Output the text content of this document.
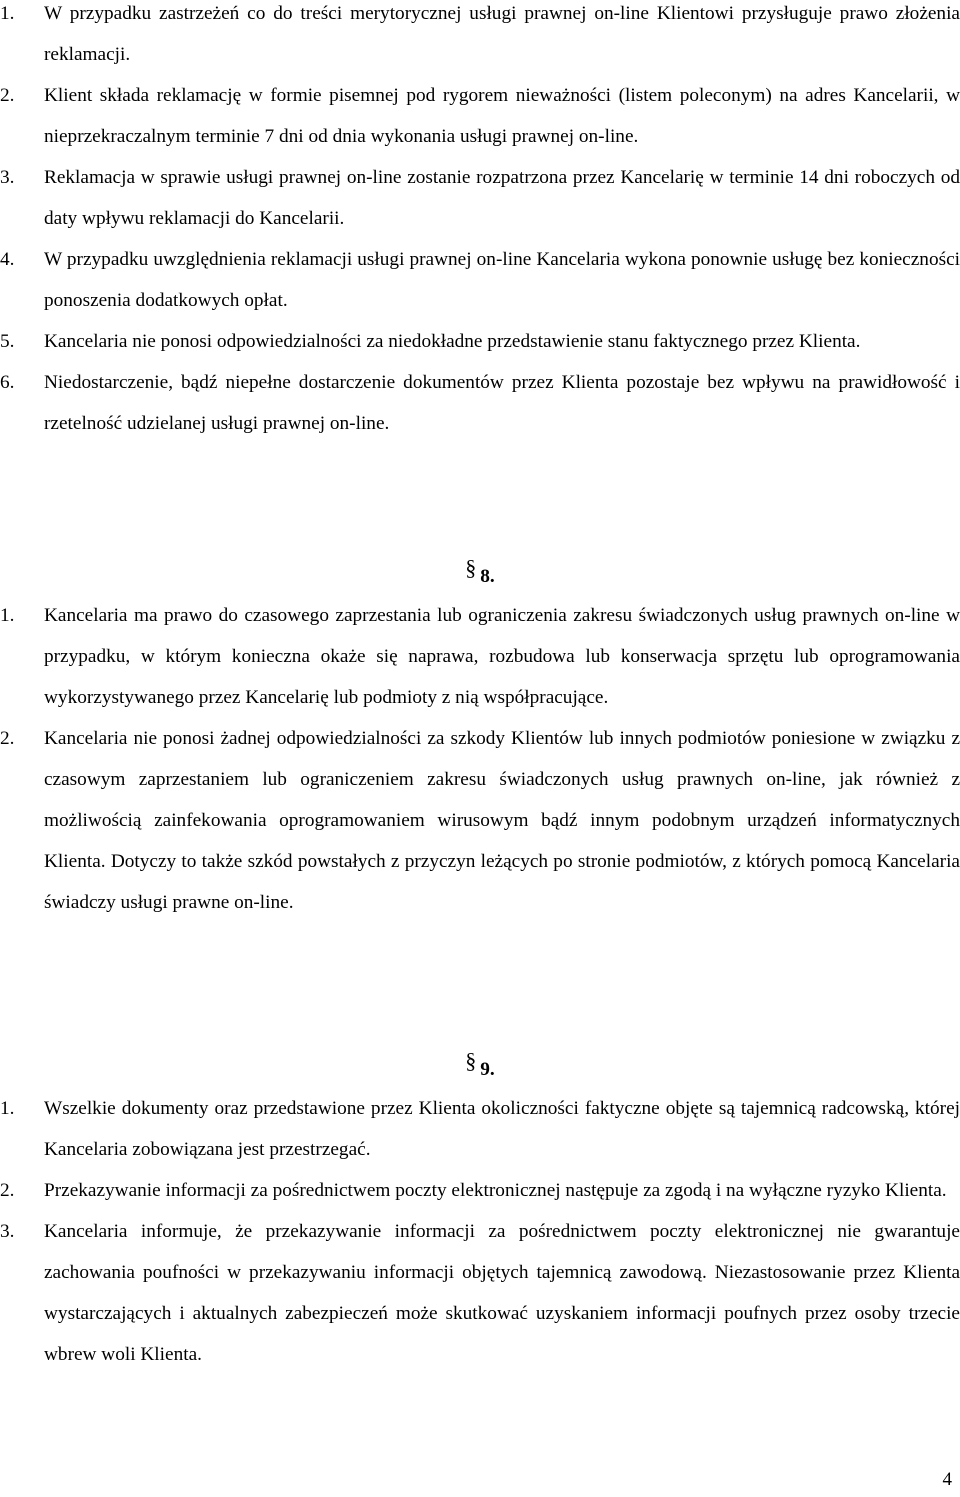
1. W przypadku zastrzeżeń co do treści merytorycznej usługi prawnej on-line Klientowi przysługuje prawo złożenia reklamacji.
2. Klient składa reklamację w formie pisemnej pod rygorem nieważności (listem poleconym) na adres Kancelarii, w nieprzekraczalnym terminie 7 dni od dnia wykonania usługi prawnej on-line.
3. Reklamacja w sprawie usługi prawnej on-line zostanie rozpatrzona przez Kancelarię w terminie 14 dni roboczych od daty wpływu reklamacji do Kancelarii.
4. W przypadku uwzględnienia reklamacji usługi prawnej on-line Kancelaria wykona ponownie usługę bez konieczności ponoszenia dodatkowych opłat.
5. Kancelaria nie ponosi odpowiedzialności za niedokładne przedstawienie stanu faktycznego przez Klienta.
6. Niedostarczenie, bądź niepełne dostarczenie dokumentów przez Klienta pozostaje bez wpływu na prawidłowość i rzetelność udzielanej usługi prawnej on-line.
§ 8.
1. Kancelaria ma prawo do czasowego zaprzestania lub ograniczenia zakresu świadczonych usług prawnych on-line w przypadku, w którym konieczna okaże się naprawa, rozbudowa lub konserwacja sprzętu lub oprogramowania wykorzystywanego przez Kancelarię lub podmioty z nią współpracujące.
2. Kancelaria nie ponosi żadnej odpowiedzialności za szkody Klientów lub innych podmiotów poniesione w związku z czasowym zaprzestaniem lub ograniczeniem zakresu świadczonych usług prawnych on-line, jak również z możliwością zainfekowania oprogramowaniem wirusowym bądź innym podobnym urządzeń informatycznych Klienta. Dotyczy to także szkód powstałych z przyczyn leżących po stronie podmiotów, z których pomocą Kancelaria świadczy usługi prawne on-line.
§ 9.
1. Wszelkie dokumenty oraz przedstawione przez Klienta okoliczności faktyczne objęte są tajemnicą radcowską, której Kancelaria zobowiązana jest przestrzegać.
2. Przekazywanie informacji za pośrednictwem poczty elektronicznej następuje za zgodą i na wyłączne ryzyko Klienta.
3. Kancelaria informuje, że przekazywanie informacji za pośrednictwem poczty elektronicznej nie gwarantuje zachowania poufności w przekazywaniu informacji objętych tajemnicą zawodową. Niezastosowanie przez Klienta wystarczających i aktualnych zabezpieczeń może skutkować uzyskaniem informacji poufnych przez osoby trzecie wbrew woli Klienta.
4
